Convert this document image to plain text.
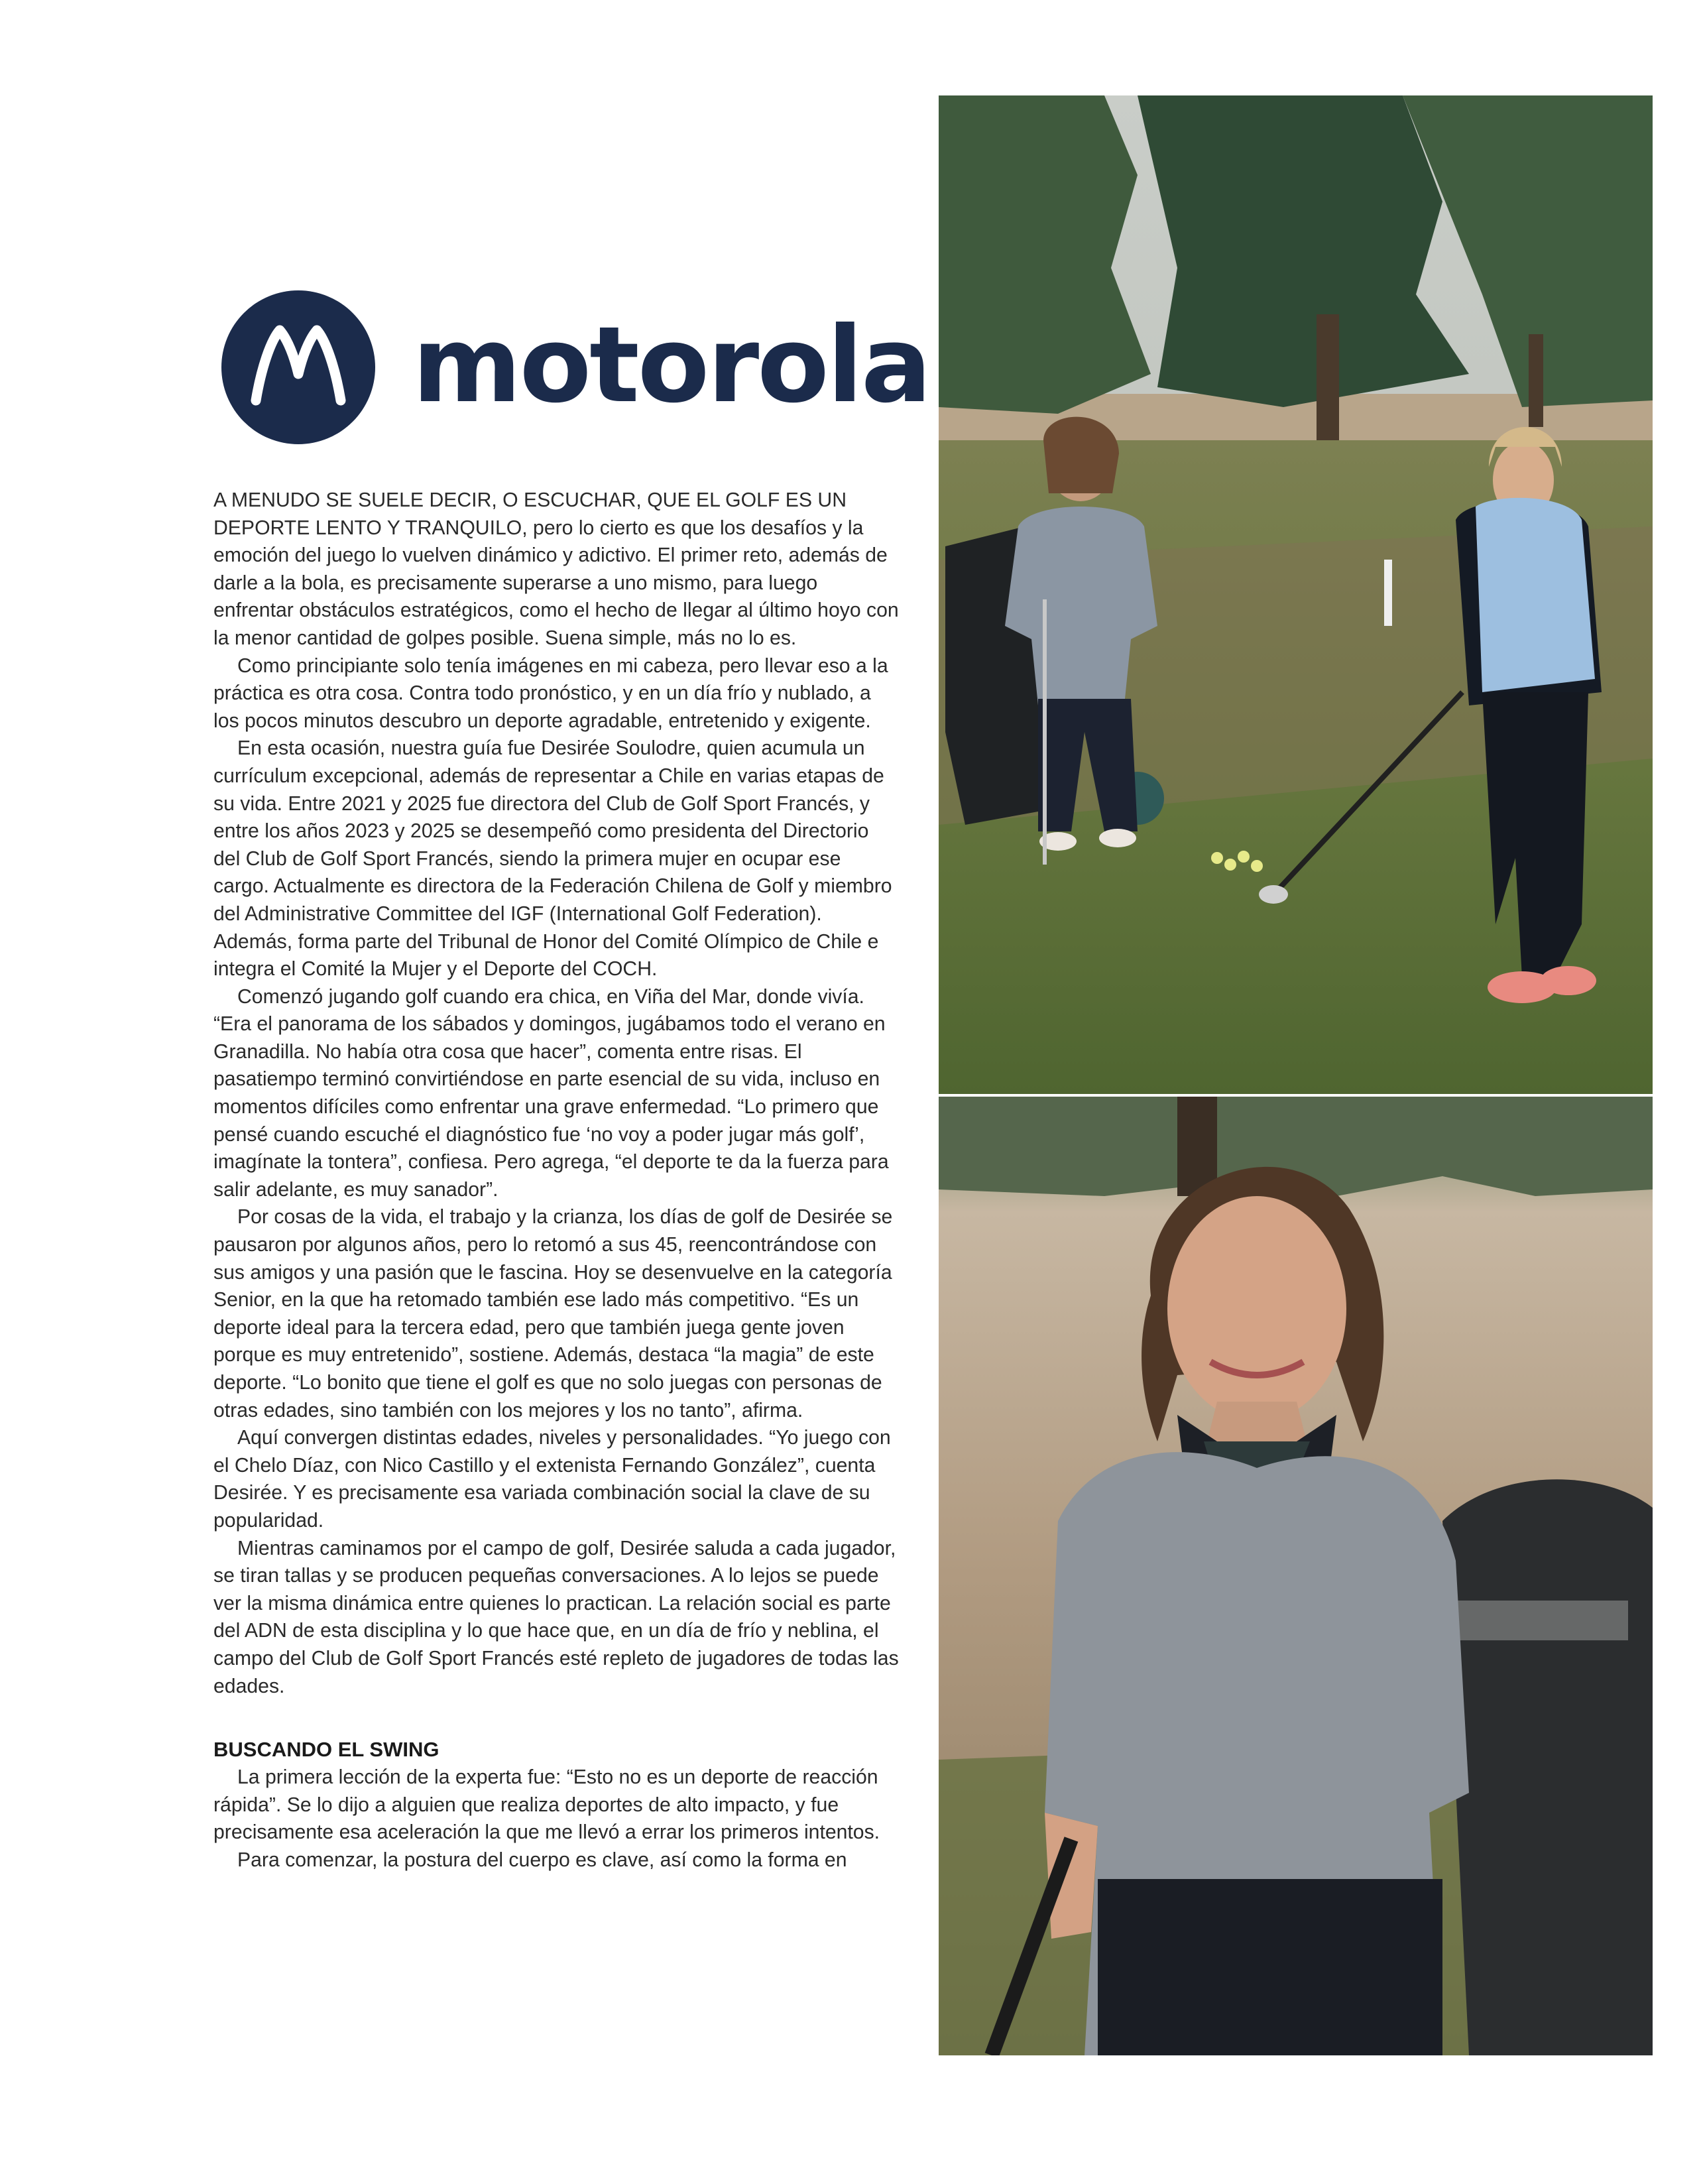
motorola

A MENUDO SE SUELE DECIR, O ESCUCHAR, QUE EL GOLF ES UN DEPORTE LENTO Y TRANQUILO, pero lo cierto es que los desafíos y la emoción del juego lo vuelven dinámico y adictivo. El primer reto, además de darle a la bola, es precisamente superarse a uno mismo, para luego enfrentar obstáculos estratégicos, como el hecho de llegar al último hoyo con la menor cantidad de golpes posible. Suena simple, más no lo es.

Como principiante solo tenía imágenes en mi cabeza, pero llevar eso a la práctica es otra cosa. Contra todo pronóstico, y en un día frío y nublado, a los pocos minutos descubro un deporte agradable, entretenido y exigente.

En esta ocasión, nuestra guía fue Desirée Soulodre, quien acumula un currículum excepcional, además de representar a Chile en varias etapas de su vida. Entre 2021 y 2025 fue directora del Club de Golf Sport Francés, y entre los años 2023 y 2025 se desempeñó como presidenta del Directorio del Club de Golf Sport Francés, siendo la primera mujer en ocupar ese cargo. Actualmente es directora de la Federación Chilena de Golf y miembro del Administrative Committee del IGF (International Golf Federation). Además, forma parte del Tribunal de Honor del Comité Olímpico de Chile e integra el Comité la Mujer y el Deporte del COCH.

Comenzó jugando golf cuando era chica, en Viña del Mar, donde vivía. “Era el panorama de los sábados y domingos, jugábamos todo el verano en Granadilla. No había otra cosa que hacer”, comenta entre risas. El pasatiempo terminó convirtiéndose en parte esencial de su vida, incluso en momentos difíciles como enfrentar una grave enfermedad. “Lo primero que pensé cuando escuché el diagnóstico fue ‘no voy a poder jugar más golf’, imagínate la tontera”, confiesa. Pero agrega, “el deporte te da la fuerza para salir adelante, es muy sanador”.

Por cosas de la vida, el trabajo y la crianza, los días de golf de Desirée se pausaron por algunos años, pero lo retomó a sus 45, reencontrándose con sus amigos y una pasión que le fascina. Hoy se desenvuelve en la categoría Senior, en la que ha retomado también ese lado más competitivo. “Es un deporte ideal para la tercera edad, pero que también juega gente joven porque es muy entretenido”, sostiene. Además, destaca “la magia” de este deporte. “Lo bonito que tiene el golf es que no solo juegas con personas de otras edades, sino también con los mejores y los no tanto”, afirma.

Aquí convergen distintas edades, niveles y personalidades. “Yo juego con el Chelo Díaz, con Nico Castillo y el extenista Fernando González”, cuenta Desirée. Y es precisamente esa variada combinación social la clave de su popularidad.

Mientras caminamos por el campo de golf, Desirée saluda a cada jugador, se tiran tallas y se producen pequeñas conversaciones. A lo lejos se puede ver la misma dinámica entre quienes lo practican. La relación social es parte del ADN de esta disciplina y lo que hace que, en un día de frío y neblina, el campo del Club de Golf Sport Francés esté repleto de jugadores de todas las edades.

BUSCANDO EL SWING

La primera lección de la experta fue: “Esto no es un deporte de reacción rápida”. Se lo dijo a alguien que realiza deportes de alto impacto, y fue precisamente esa aceleración la que me llevó a errar los primeros intentos.

Para comenzar, la postura del cuerpo es clave, así como la forma en
